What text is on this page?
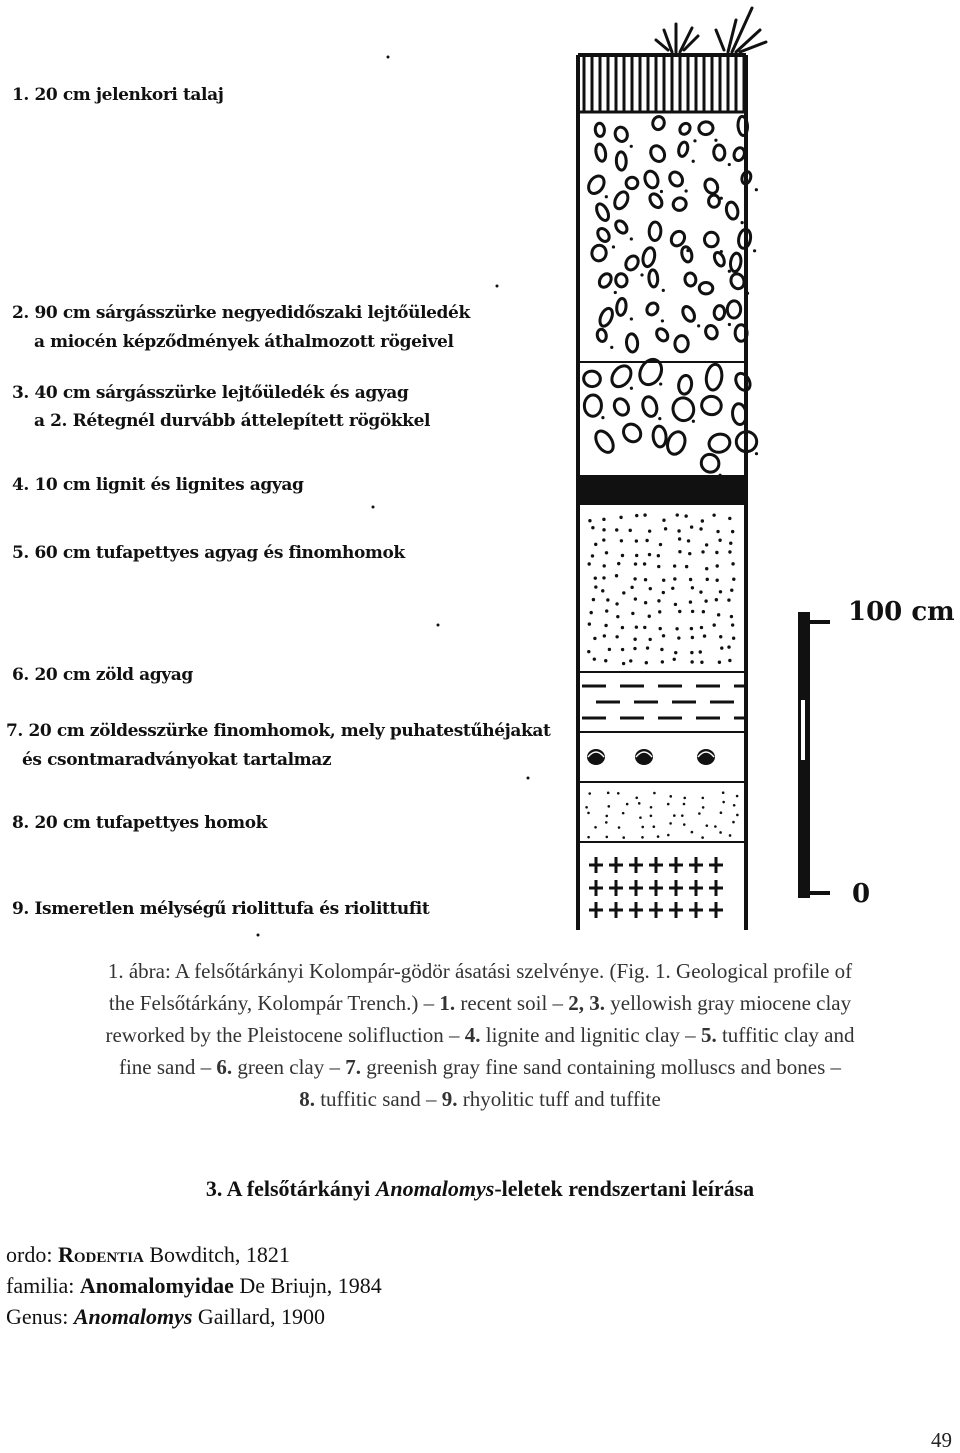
1. 20 cm jelenkori talaj
2. 90 cm sárgásszürke negyedidőszaki lejtőüledék
a miocén képződmények áthalmozott rögeivel
3. 40 cm sárgásszürke lejtőüledék és agyag
a 2. Rétegnél durvább áttelepített rögökkel
4. 10 cm lignit és lignites agyag
5. 60 cm tufapettyes agyag és finomhomok
6. 20 cm zöld agyag
7. 20 cm zöldesszürke finomhomok, mely puhatestűhéjakat
és csontmaradványokat tartalmaz
8. 20 cm tufapettyes homok
9. Ismeretlen mélységű riolittufa és riolittufit
100 cm
0
1. ábra: A felsőtárkányi Kolompár-gödör ásatási szelvénye. (Fig. 1. Geological profile of
the Felsőtárkány, Kolompár Trench.) – 1. recent soil – 2, 3. yellowish gray miocene clay
reworked by the Pleistocene solifluction – 4. lignite and lignitic clay – 5. tuffitic clay and
fine sand – 6. green clay – 7. greenish gray fine sand containing molluscs and bones –
8. tuffitic sand – 9. rhyolitic tuff and tuffite
3. A felsőtárkányi Anomalomys-leletek rendszertani leírása
ordo: Rodentia Bowditch, 1821
familia: Anomalomyidae De Briujn, 1984
Genus: Anomalomys Gaillard, 1900
49
